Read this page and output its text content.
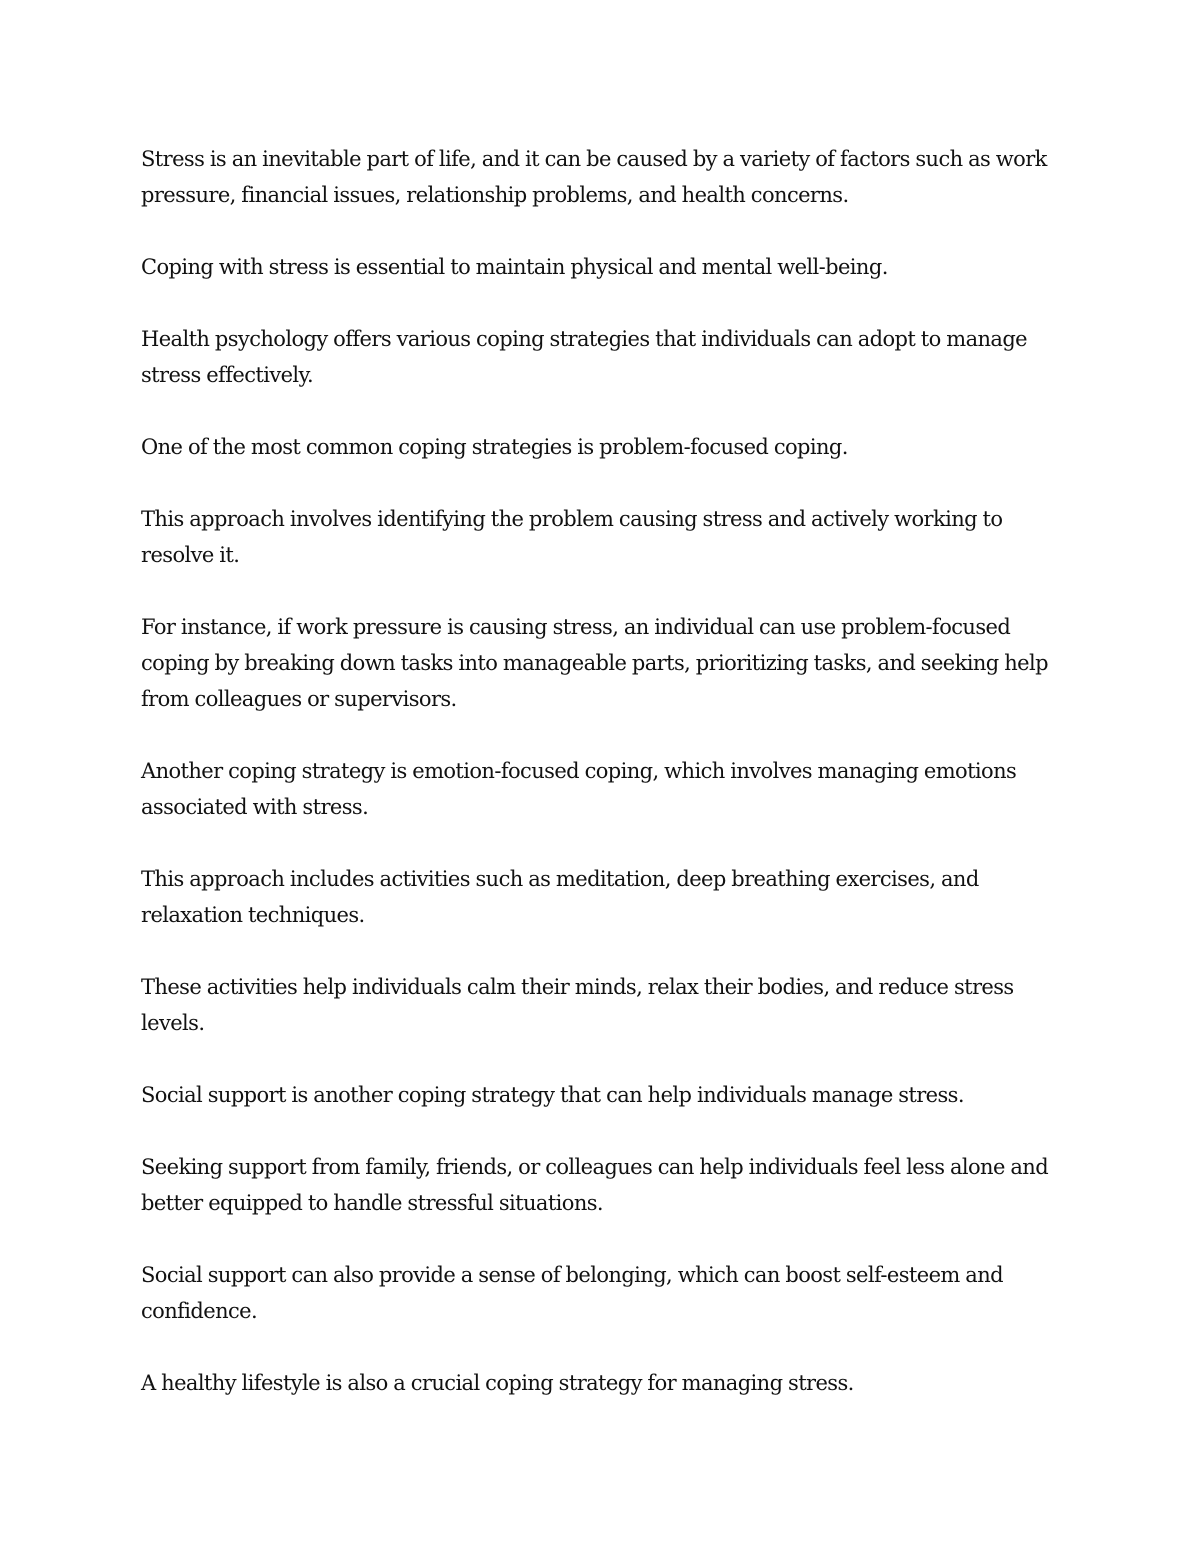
Stress is an inevitable part of life, and it can be caused by a variety of factors such as work pressure, financial issues, relationship problems, and health concerns.

Coping with stress is essential to maintain physical and mental well-being.

Health psychology offers various coping strategies that individuals can adopt to manage stress effectively.

One of the most common coping strategies is problem-focused coping.

This approach involves identifying the problem causing stress and actively working to resolve it.

For instance, if work pressure is causing stress, an individual can use problem-focused coping by breaking down tasks into manageable parts, prioritizing tasks, and seeking help from colleagues or supervisors.

Another coping strategy is emotion-focused coping, which involves managing emotions associated with stress.

This approach includes activities such as meditation, deep breathing exercises, and relaxation techniques.

These activities help individuals calm their minds, relax their bodies, and reduce stress levels.

Social support is another coping strategy that can help individuals manage stress.

Seeking support from family, friends, or colleagues can help individuals feel less alone and better equipped to handle stressful situations.

Social support can also provide a sense of belonging, which can boost self-esteem and confidence.

A healthy lifestyle is also a crucial coping strategy for managing stress.
